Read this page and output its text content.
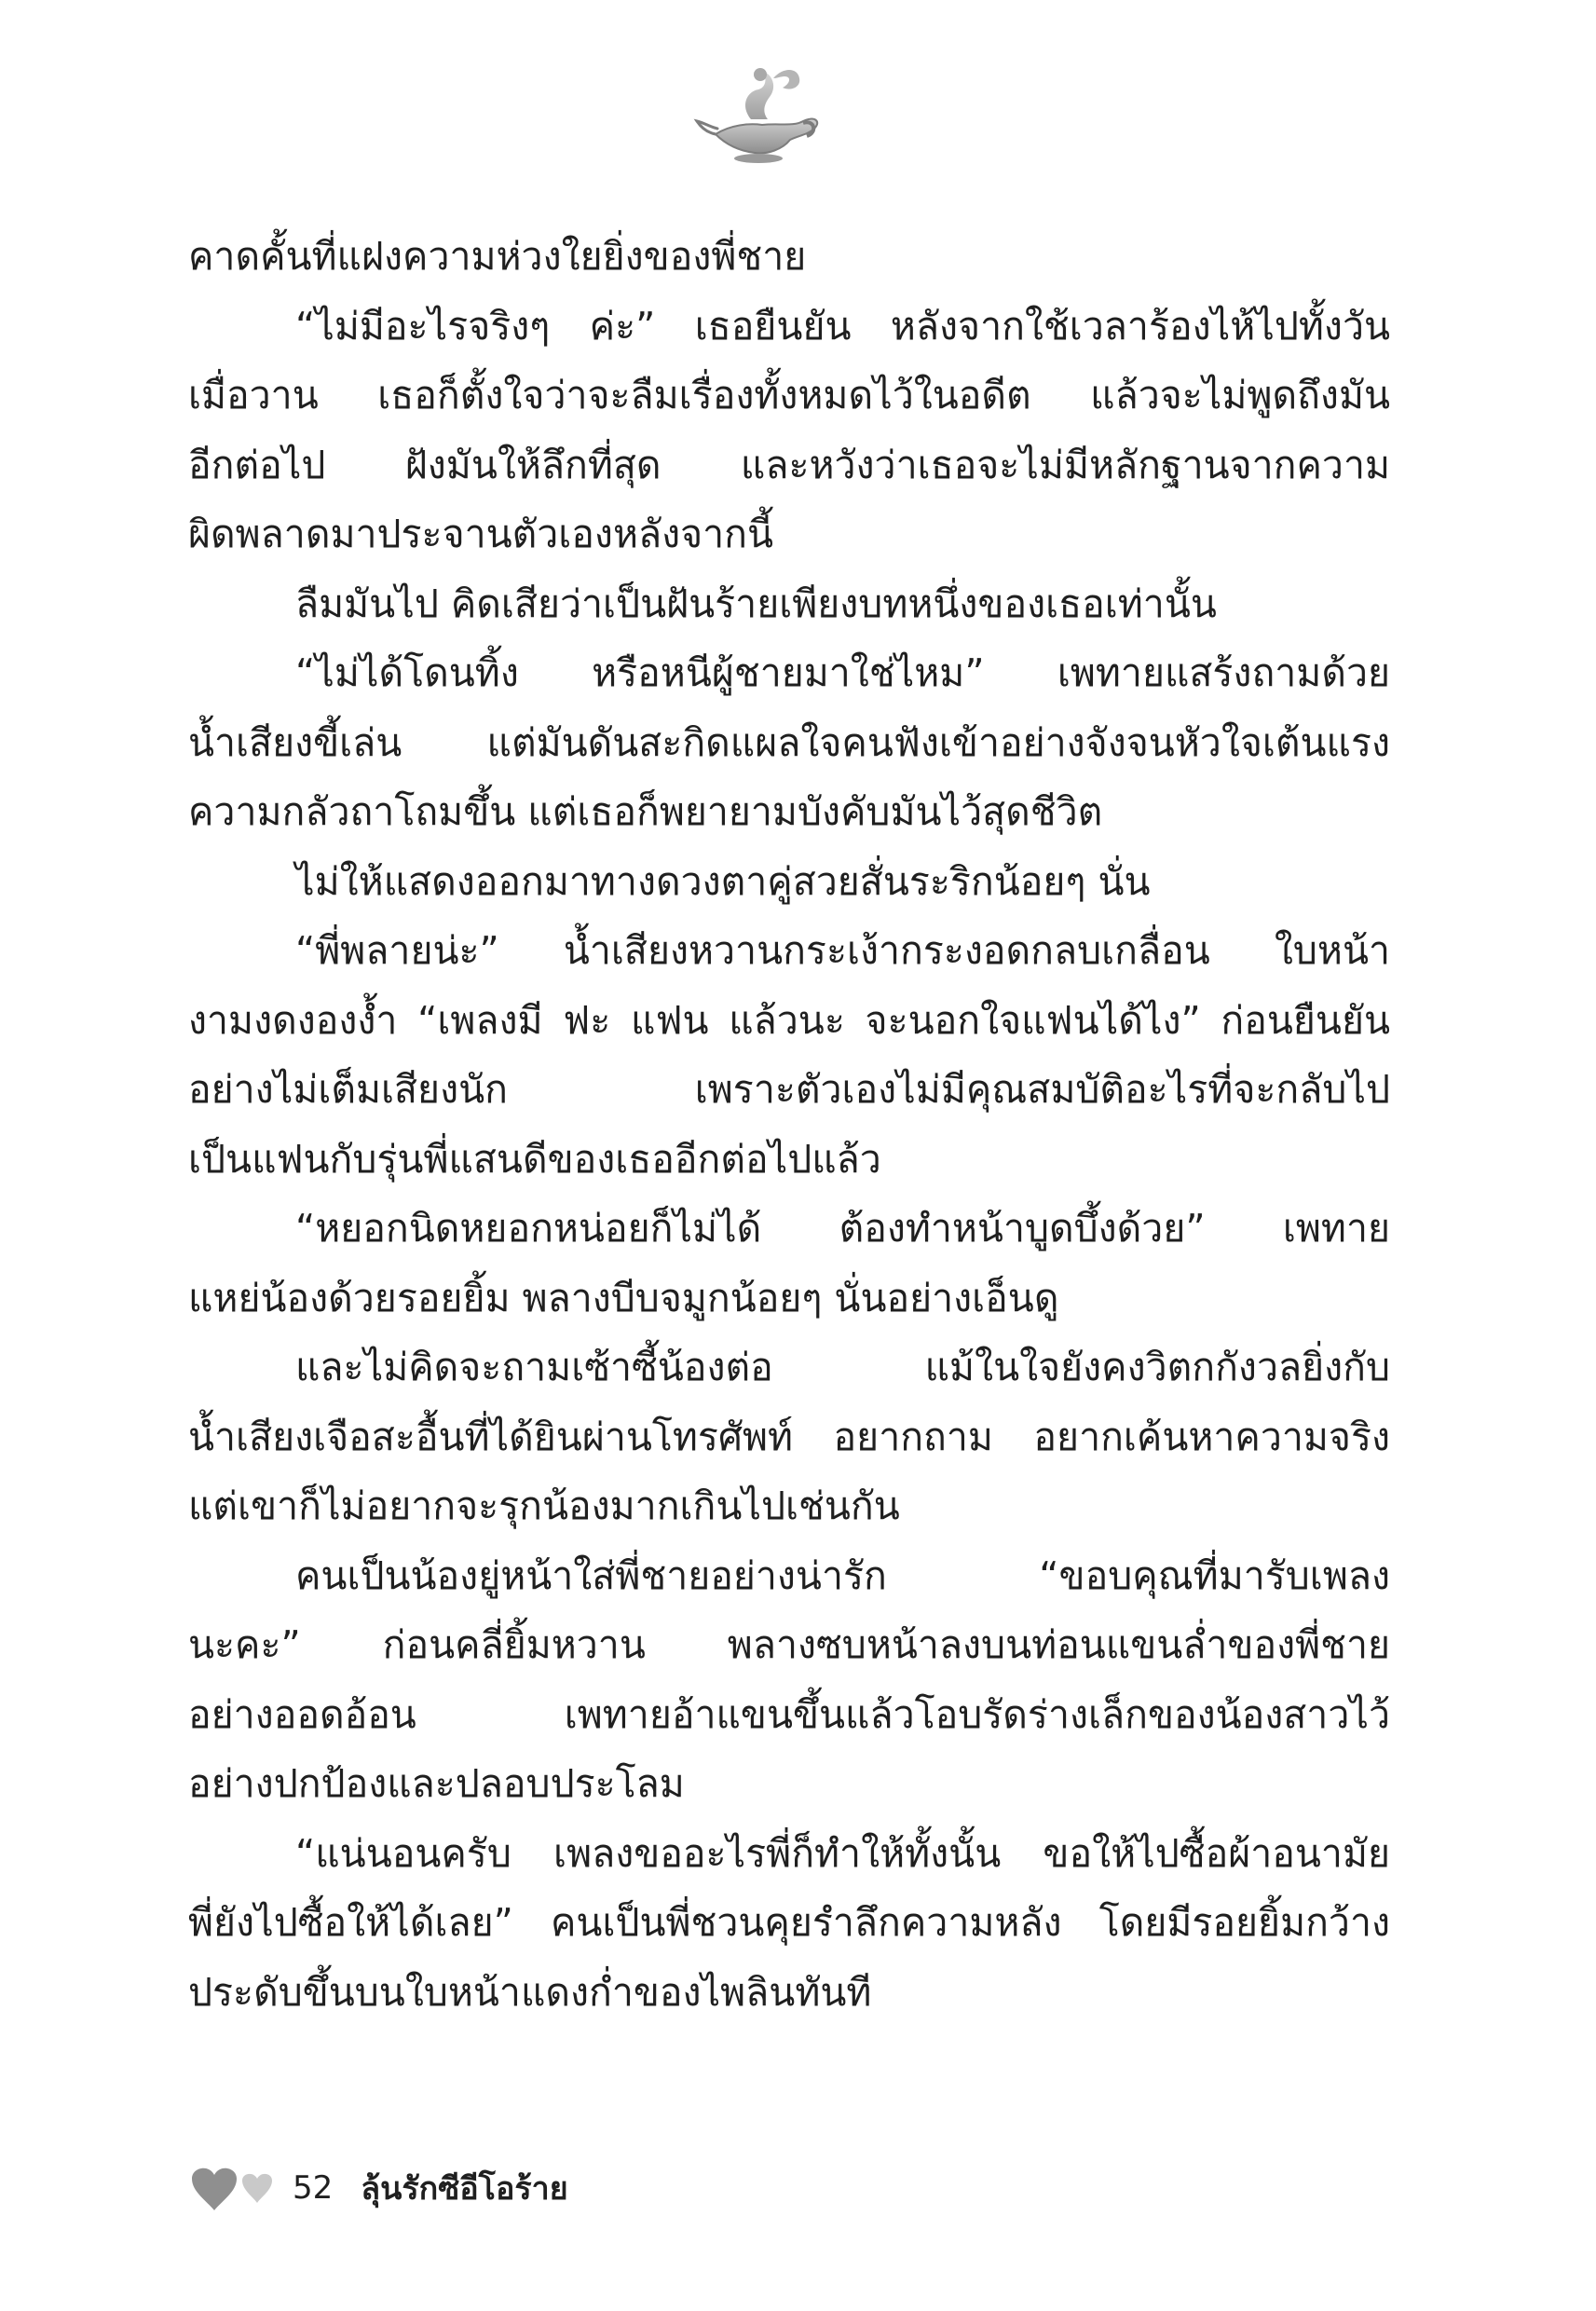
คาดคั้นที่แฝงความห่วงใยยิ่งของพี่ชาย
“ไม่มีอะไรจริงๆ ค่ะ” เธอยืนยัน หลังจากใช้เวลาร้องไห้ไปทั้งวัน
เมื่อวาน เธอก็ตั้งใจว่าจะลืมเรื่องทั้งหมดไว้ในอดีต แล้วจะไม่พูดถึงมัน
อีกต่อไป ฝังมันให้ลึกที่สุด และหวังว่าเธอจะไม่มีหลักฐานจากความ
ผิดพลาดมาประจานตัวเองหลังจากนี้
ลืมมันไป คิดเสียว่าเป็นฝันร้ายเพียงบทหนึ่งของเธอเท่านั้น
“ไม่ได้โดนทิ้ง หรือหนีผู้ชายมาใช่ไหม” เพทายแสร้งถามด้วย
น้ำเสียงขี้เล่น แต่มันดันสะกิดแผลใจคนฟังเข้าอย่างจังจนหัวใจเต้นแรง
ความกลัวถาโถมขึ้น แต่เธอก็พยายามบังคับมันไว้สุดชีวิต
ไม่ให้แสดงออกมาทางดวงตาคู่สวยสั่นระริกน้อยๆ นั่น
“พี่พลายน่ะ” น้ำเสียงหวานกระเง้ากระงอดกลบเกลื่อน ใบหน้า
งามงดงองง้ำ “เพลงมี ฟะ แฟน แล้วนะ จะนอกใจแฟนได้ไง” ก่อนยืนยัน
อย่างไม่เต็มเสียงนัก เพราะตัวเองไม่มีคุณสมบัติอะไรที่จะกลับไป
เป็นแฟนกับรุ่นพี่แสนดีของเธออีกต่อไปแล้ว
“หยอกนิดหยอกหน่อยก็ไม่ได้ ต้องทำหน้าบูดบึ้งด้วย” เพทาย
แหย่น้องด้วยรอยยิ้ม พลางบีบจมูกน้อยๆ นั่นอย่างเอ็นดู
และไม่คิดจะถามเซ้าซี้น้องต่อ แม้ในใจยังคงวิตกกังวลยิ่งกับ
น้ำเสียงเจือสะอื้นที่ได้ยินผ่านโทรศัพท์ อยากถาม อยากเค้นหาความจริง
แต่เขาก็ไม่อยากจะรุกน้องมากเกินไปเช่นกัน
คนเป็นน้องยู่หน้าใส่พี่ชายอย่างน่ารัก “ขอบคุณที่มารับเพลง
นะคะ” ก่อนคลี่ยิ้มหวาน พลางซบหน้าลงบนท่อนแขนล่ำของพี่ชาย
อย่างออดอ้อน เพทายอ้าแขนขึ้นแล้วโอบรัดร่างเล็กของน้องสาวไว้
อย่างปกป้องและปลอบประโลม
“แน่นอนครับ เพลงขออะไรพี่ก็ทำให้ทั้งนั้น ขอให้ไปซื้อผ้าอนามัย
พี่ยังไปซื้อให้ได้เลย” คนเป็นพี่ชวนคุยรำลึกความหลัง โดยมีรอยยิ้มกว้าง
ประดับขึ้นบนใบหน้าแดงก่ำของไพลินทันที
52 ลุ้นรักซีอีโอร้าย
